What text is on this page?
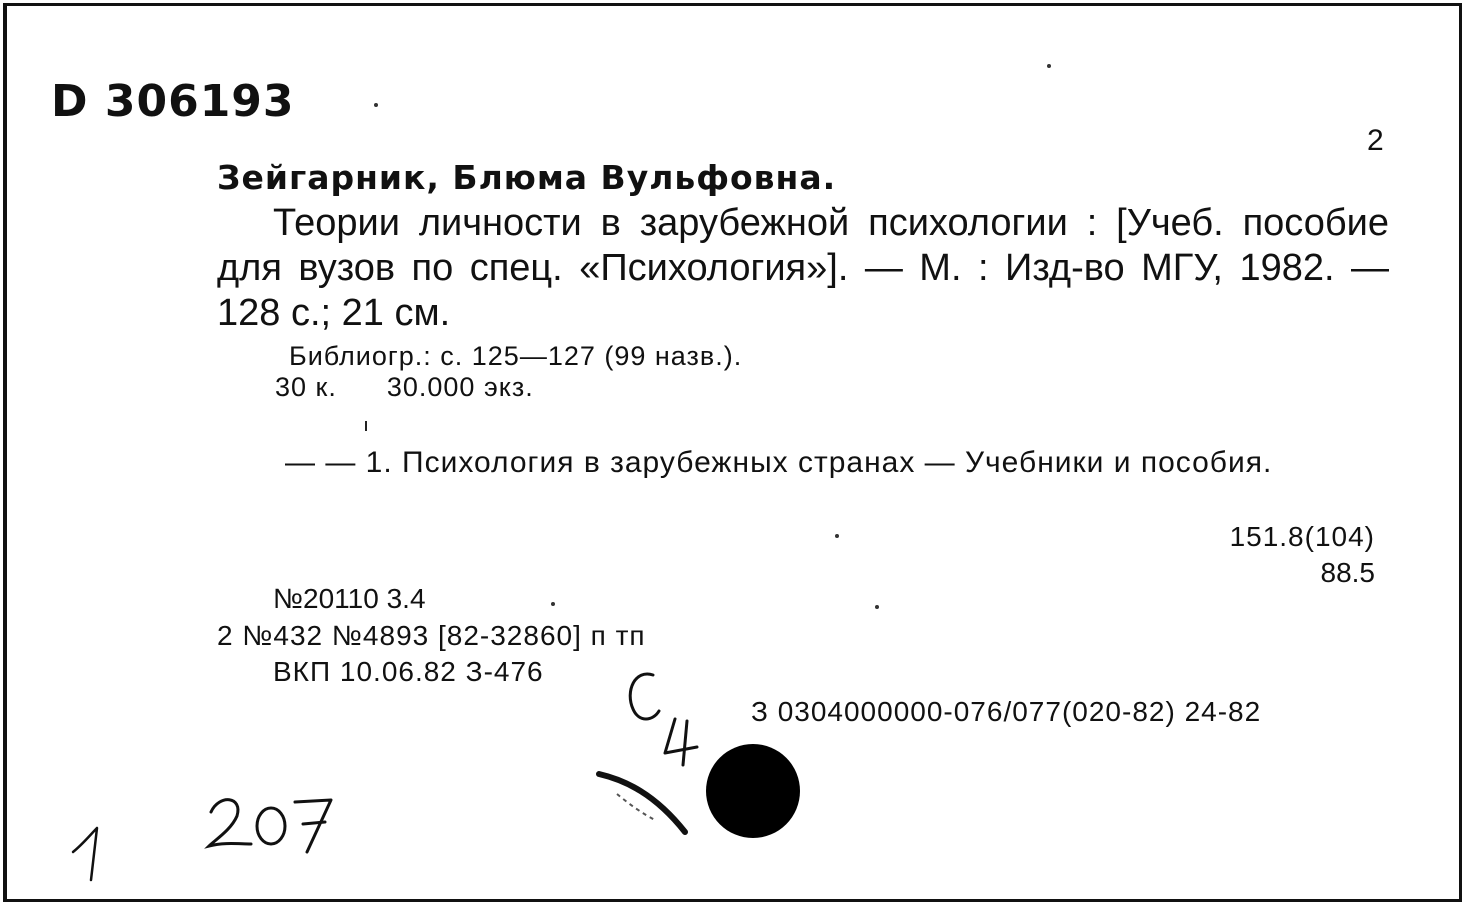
D 306193
2
Зейгарник, Блюма Вульфовна.
Теории личности в зарубежной психологии : [Учеб. пособие для вузов по спец. «Психология»]. — М. : Изд-во МГУ, 1982. — 128 с.; 21 см.
Библиогр.: с. 125—127 (99 назв.).
30 к. 30.000 экз.
— — 1. Психология в зарубежных странах — Учебники и пособия.
151.8(104)
88.5
№20110 3.4
2 №432 №4893 [82-32860] п тп
ВКП 10.06.82 З-476
З 0304000000-076/077(020-82) 24-82
